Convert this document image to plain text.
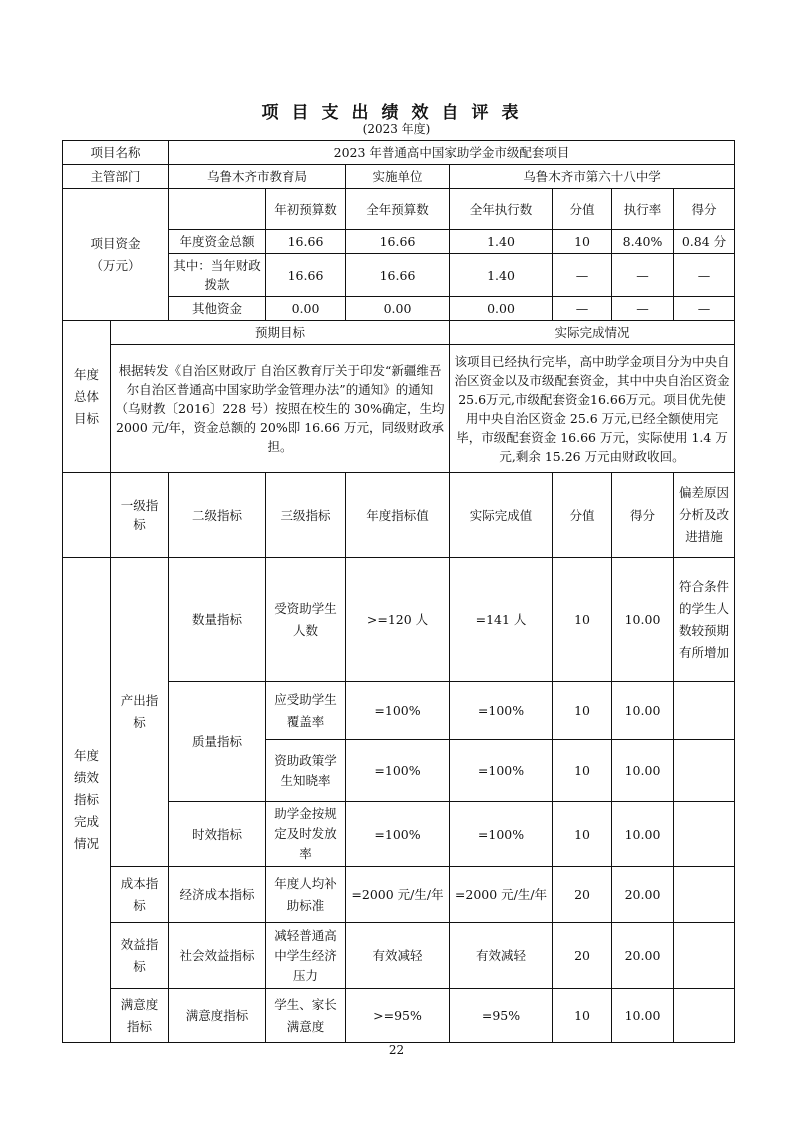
项目支出绩效自评表
(2023 年度)
项目名称		2023 年普通高中国家助学金市级配套项目						
主管部门		乌鲁木齐市教育局		实施单位	乌鲁木齐市第六十八中学			
项目资金
（万元）			年初预算数	全年预算数	全年执行数	分值	执行率	得分
		年度资金总额	16.66	16.66	1.40	10	8.40%	0.84 分
		其中：当年财政拨款	16.66	16.66	1.40	—	—	—
		其他资金	0.00	0.00	0.00	—	—	—
年度总体目标	预期目标				实际完成情况			
	根据转发《自治区财政厅 自治区教育厅关于印发“新疆维吾尔自治区普通高中国家助学金管理办法”的通知》的通知（乌财教〔2016〕228 号）按照在校生的 30%确定，生均 2000 元/年，资金总额的 20%即 16.66 万元，同级财政承担。				该项目已经执行完毕，高中助学金项目分为中央自治区资金以及市级配套资金，其中中央自治区资金25.6万元,市级配套资金16.66万元。项目优先使用中央自治区资金 25.6 万元,已经全额使用完毕，市级配套资金 16.66 万元，实际使用 1.4 万元,剩余 15.26 万元由财政收回。			
	一级指标	二级指标	三级指标	年度指标值	实际完成值	分值	得分	偏差原因分析及改进措施
年度绩效指标完成情况	产出指标	数量指标	受资助学生人数	>=120 人	=141 人	10	10.00	符合条件的学生人数较预期有所增加
		质量指标	应受助学生覆盖率	=100%	=100%	10	10.00	
			资助政策学生知晓率	=100%	=100%	10	10.00	
		时效指标	助学金按规定及时发放率	=100%	=100%	10	10.00	
	成本指标	经济成本指标	年度人均补助标准	=2000 元/生/年	=2000 元/生/年	20	20.00	
	效益指标	社会效益指标	减轻普通高中学生经济压力	有效减轻	有效减轻	20	20.00	
	满意度指标	满意度指标	学生、家长满意度	>=95%	=95%	10	10.00	
22
